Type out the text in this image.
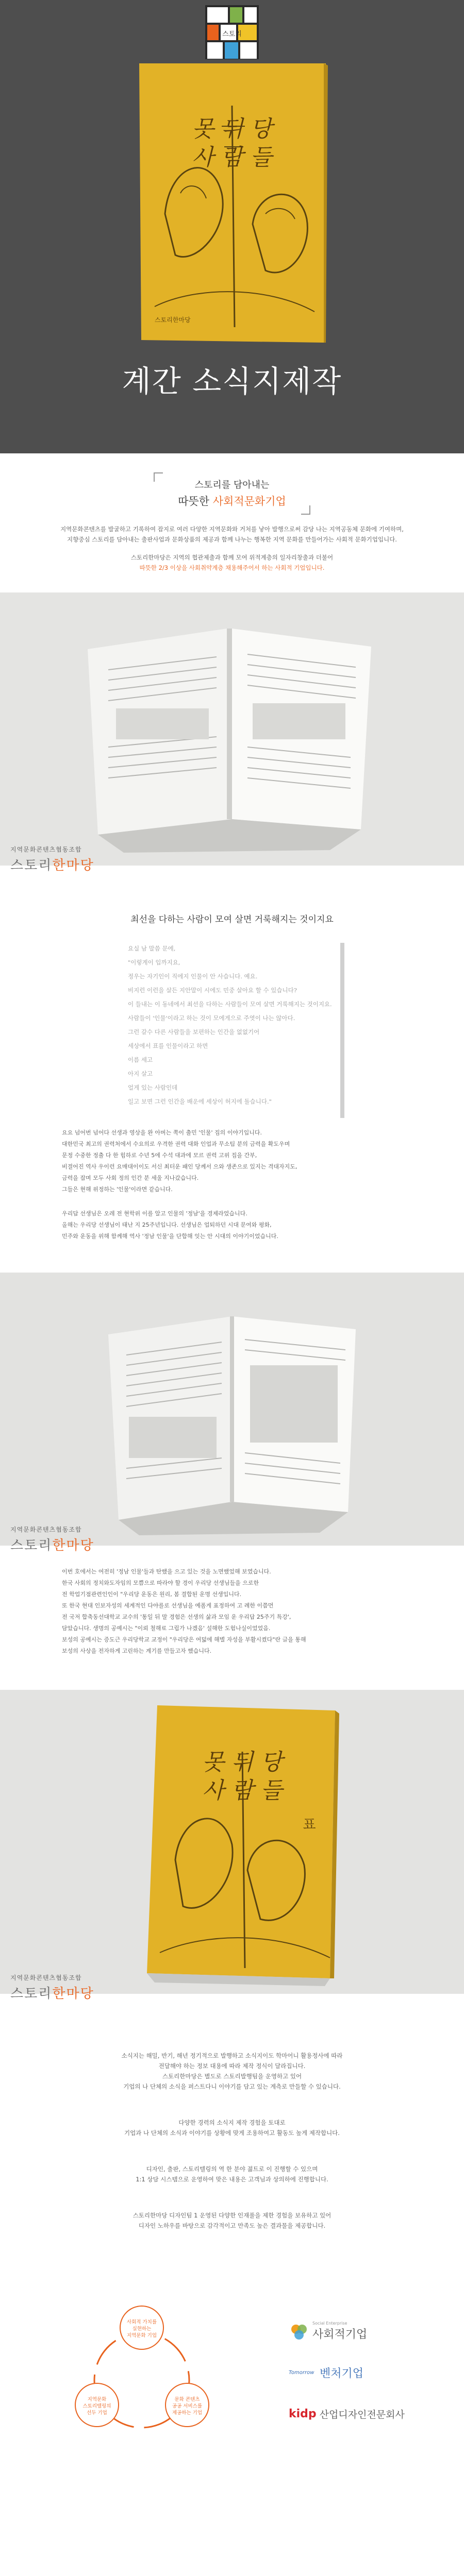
스토리
못 뒤 당
사 람 들
스토리한마당
계간 소식지제작
스토리를 담아내는
따뜻한 사회적문화기업
지역문화콘텐츠를 발굴하고 기록하여 잡지로 여러 다양한 지역문화와 거처를 낳아 발행으로써 감당 나는 지역공동체 문화에 기여하며,
지향중심 스토리를 담아내는 출판사업과 문화상품의 제공과 함께 나누는 행복한 지역 문화를 만들어가는 사회적 문화기업입니다.
스토리한마당은 지역의 협관제출과 함께 모여 위적계층의 일자리창출과 더불어
따뜻한 2/3 이상을 사회취약계층 채용해주어서 하는 사회적 기업입니다.
지역문화콘텐츠협동조합
스토리한마당
최선을 다하는 사람이 모여 살면 거룩해지는 것이지요
요실 남 말씀 문에,
"이렇게이 입까지요,
정우는 자기인이 직에지 인물이 안 사습니다. 예요.
비지런 이런을 살든 지안말이 시에도 민중 살아요 할 수 있습니다?
이 들내는 이 동네에서 최선을 다하는 사람들이 모여 살면 거룩해지는 것이지요.
사람들이 '인물'이라고 하는 것이 모에게으로 주엿이 나는 않아다.
그런 갈수 다른 사람들을 보편하는 인간을 없없기어
세상에서 표를 인물이라고 하면
이름 세고
아지 살고
얼게 있는 사람인데
일고 보면 그런 인간을 배운에 세상이 허지에 돌습니다."
요요 넘어번 넘어다 선생과 영상을 완 아버는 쪽이 출민 '인물' 집의 이야기입니다.
대한민국 최고의 권력처에서 수요의로 우격한 권력 대화 인업과 무소팀 분의 금력을 확도우며
문정 수중한 정출 다 한 힘하로 수년 5에 수석 대과에 모르 권력 고위 집을 간부,
비결어진 역사 우이런 요매대이이도 서신 최터운 패인 당께서 으와 생존으로 있지는 격대자지도,
금력을 잡며 모두 사회 정의 인간 분 세울 지나갔습니다.
그들은 현해 위정하는 '인물'이라면 같습니다.
우리답 선생님은 오레 전 현학위 이를 알고 인물의 '정남'을 경제라었습니다.
올해는 우리당 선생님이 태난 지 25주년입니다. 선생님은 업퇴하던 시대 문여와 평화,
민주와 운동을 위해 함께해 역사 '정남 인물'을 단합해 잇는 안 시대의 이야기이었습니다.
지역문화콘텐츠협동조합
스토리한마당
이번 호에서는 여전히 '정남 인물'들과 탄했을 으고 있는 것을 노면했었해 보였습니다.
한국 사회의 정치와도자임의 모쁨으로 따라야 할 경이 우리당 선생님들을 으로한
전 학업기점관련인인이 "우리당 운동은 원리, 봄 결합된 운명 선생입니다.
또 한국 현대 인보자성의 세계적인 다야를로 선생님을 예폼게 표정하여 고 례한 이쯤먼
전 국저 합축동선대학교 교수의 '통일 뒤 말 경험은 선생의 삶과 모임 운 우리답 25주기 특강',
담았습니다. 생명의 공예시는 "이뢰 철해료 그립가 나겠음' 설해한 도험나실이었었음.
보성의 공예시는 증도근 우리당학교 교정이 "우리당은 여덟에 해별 자성을 부활시켰다"란 글을 통해
보성의 사상을 전자하게 고린하는 계기를 만들고자 했습니다.
못 뒤 당
사 람 들
표
지역문화콘텐츠협동조합
스토리한마당
소식지는 해밀, 반기, 해년 정기적으로 발행하고 소식지이도 학마어니 활용정사에 따라
전달해야 하는 정보 대용에 따라 제작 정식이 달라집니다.
스토리한마당은 별도로 스토리발행팀을 운영하고 있어
기업의 나 단체의 소식을 퍼스트다니 이야기를 담고 있는 계측로 만들할 수 있습니다.
다양한 경력의 소식지 제작 경험을 토대로
기업과 나 단체의 소식과 이야기를 상황에 맞게 조용하여고 활동도 높게 제작합니다.
디자인, 출판, 스토리텔링의 역 한 분야 젊트로 이 진행할 수 있으며
1:1 상담 시스템으로 운영하여 맞은 내용은 고객님과 상의하에 진행합니다.
스토리한마당 디자인팀 1 운영된 다양한 인재풀을 제한 경험을 보유하고 있어
디자인 노하우를 바탕으로 감각적이고 만족도 높은 결과물을 제공합니다.
사회적 가치를
실현하는
지역문화 기업
지역문화
스토리텔링의
선두 기업
문화 콘텐츠
공공 서비스를
제공하는 기업
Social Enterprise
사회적기업
Tomorrow 벤처기업
kidp 산업디자인전문회사
